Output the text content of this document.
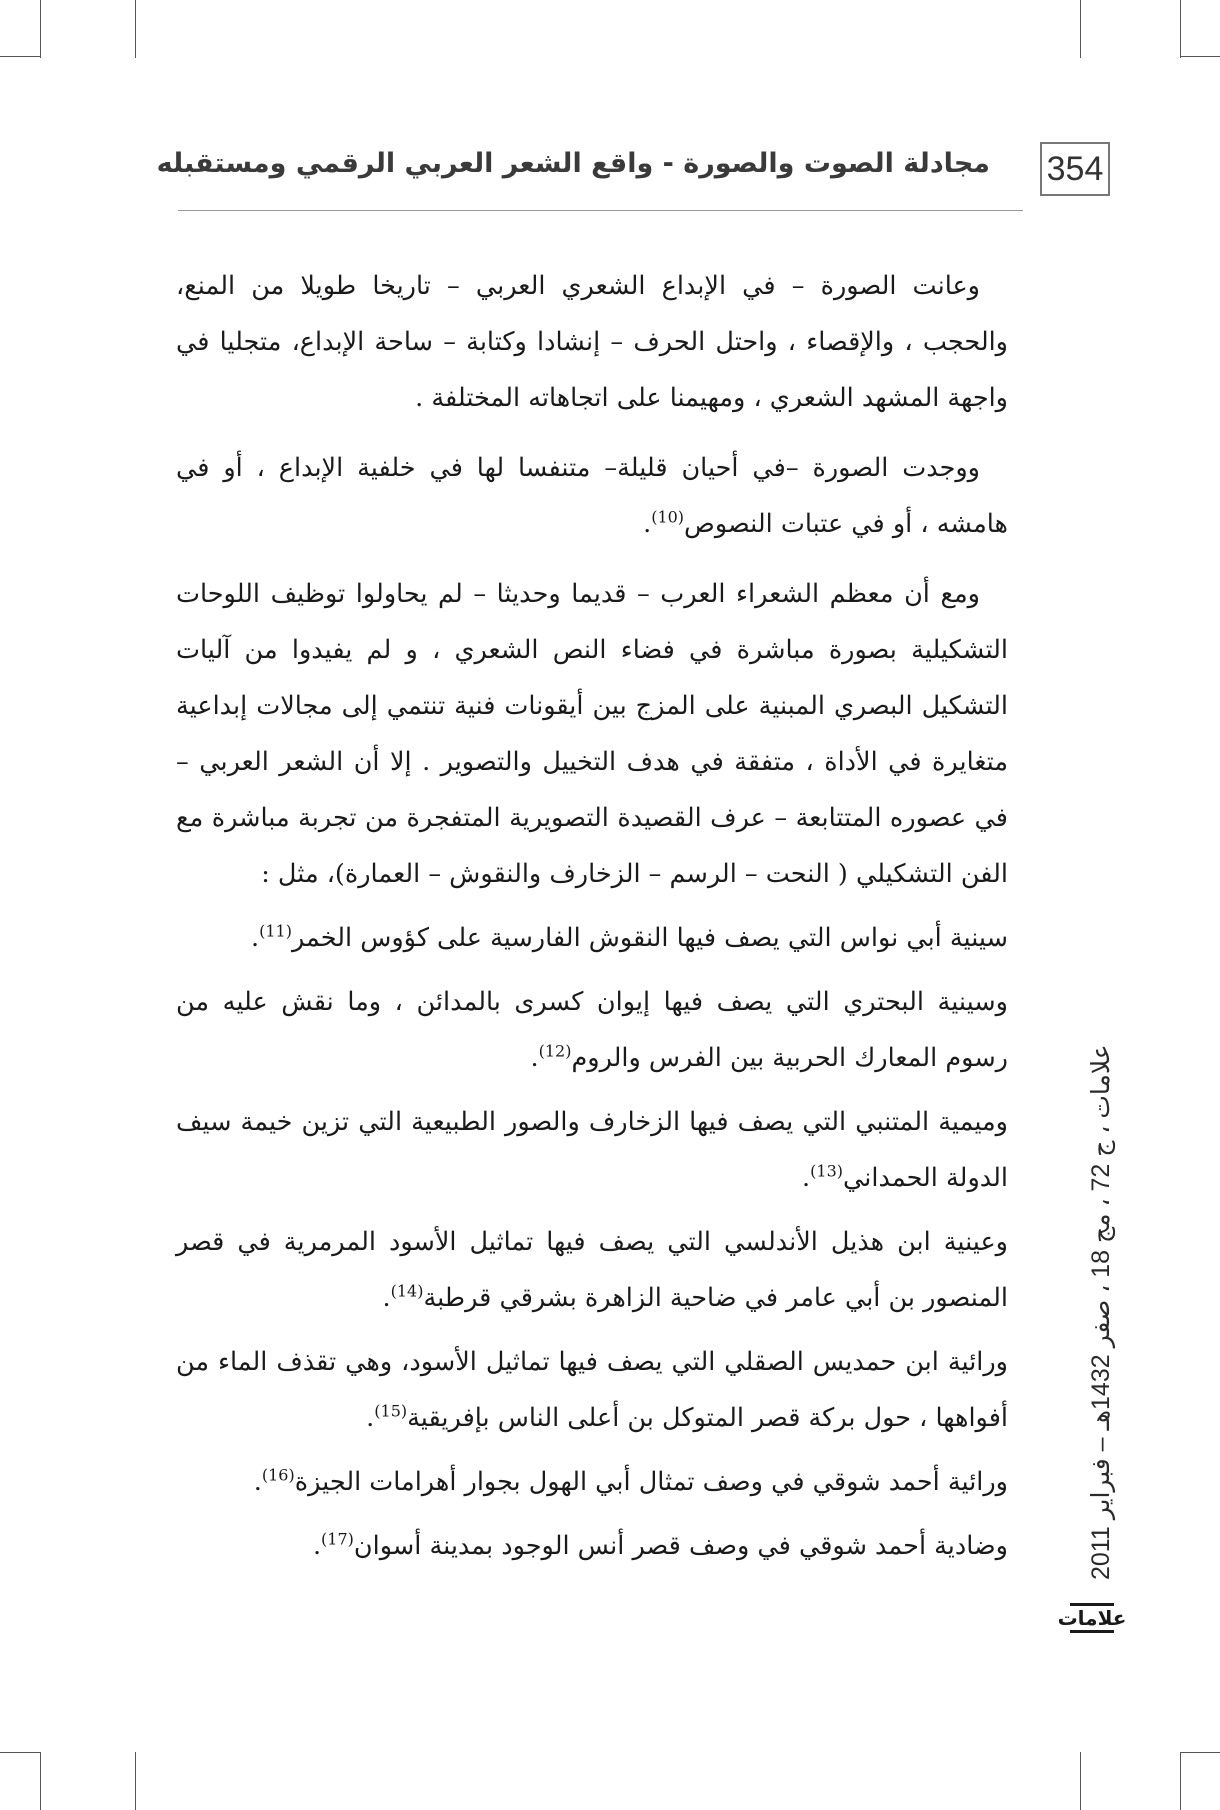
354
مجادلة الصوت والصورة - واقع الشعر العربي الرقمي ومستقبله

وعانت الصورة – في الإبداع الشعري العربي – تاريخا طويلا من المنع، والحجب ، والإقصاء ، واحتل الحرف – إنشادا وكتابة – ساحة الإبداع، متجليا في واجهة المشهد الشعري ، ومهيمنا على اتجاهاته المختلفة .

ووجدت الصورة –في أحيان قليلة– متنفسا لها في خلفية الإبداع ، أو في هامشه ، أو في عتبات النصوص$^{(10)}$.

ومع أن معظم الشعراء العرب – قديما وحديثا – لم يحاولوا توظيف اللوحات التشكيلية بصورة مباشرة في فضاء النص الشعري ، و لم يفيدوا من آليات التشكيل البصري المبنية على المزج بين أيقونات فنية تنتمي إلى مجالات إبداعية متغايرة في الأداة ، متفقة في هدف التخييل والتصوير . إلا أن الشعر العربي – في عصوره المتتابعة – عرف القصيدة التصويرية المتفجرة من تجربة مباشرة مع الفن التشكيلي ( النحت – الرسم – الزخارف والنقوش – العمارة)، مثل :

سينية أبي نواس التي يصف فيها النقوش الفارسية على كؤوس الخمر$^{(11)}$.

وسينية البحتري التي يصف فيها إيوان كسرى بالمدائن ، وما نقش عليه من رسوم المعارك الحربية بين الفرس والروم$^{(12)}$.

وميمية المتنبي التي يصف فيها الزخارف والصور الطبيعية التي تزين خيمة سيف الدولة الحمداني$^{(13)}$.

وعينية ابن هذيل الأندلسي التي يصف فيها تماثيل الأسود المرمرية في قصر المنصور بن أبي عامر في ضاحية الزاهرة بشرقي قرطبة$^{(14)}$.

ورائية ابن حمديس الصقلي التي يصف فيها تماثيل الأسود، وهي تقذف الماء من أفواهها ، حول بركة قصر المتوكل بن أعلى الناس بإفريقية$^{(15)}$.

ورائية أحمد شوقي في وصف تمثال أبي الهول بجوار أهرامات الجيزة$^{(16)}$.

وضادية أحمد شوقي في وصف قصر أنس الوجود بمدينة أسوان$^{(17)}$.	علامات ، ج 72 ، مج 18 ، صفر 1432هـ – فبراير 2011
علامات
